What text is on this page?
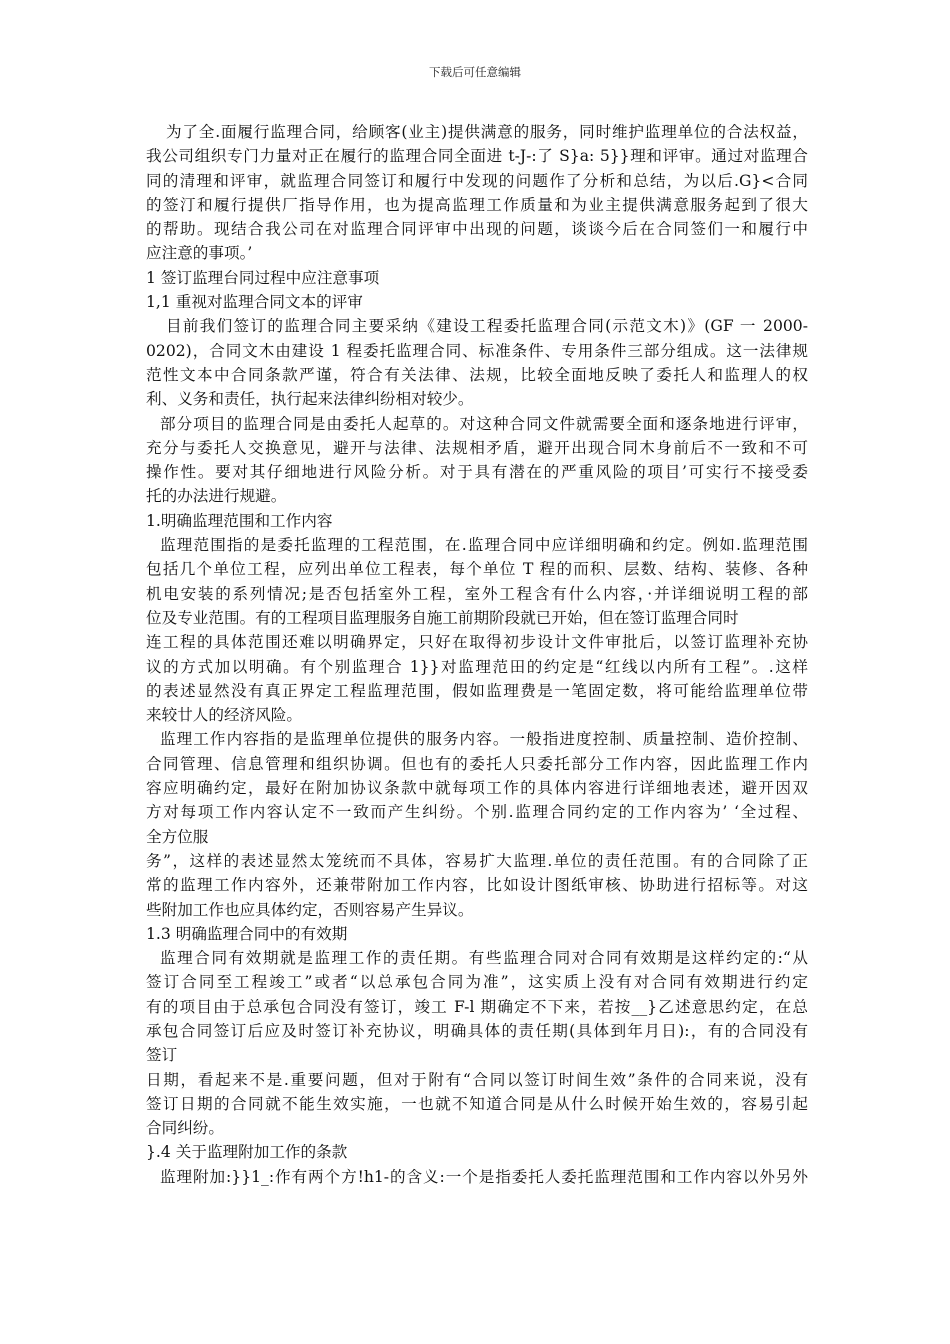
下载后可任意编辑

为了全.面履行监理合同，给顾客(业主)提供满意的服务，同时维护监理单位的合法权益，
我公司组织专门力量对正在履行的监理合同全面进 t-J-:了 S}a: 5}}理和评审。通过对监理合
同的清理和评审，就监理合同签订和履行中发现的问题作了分析和总结，为以后.G}<合同
的签汀和履行提供厂指导作用，也为提高监理工作质量和为业主提供满意服务起到了很大
的帮助。现结合我公司在对监理合同评审中出现的问题，谈谈今后在合同签们一和履行中
应注意的事项。’

1 签订监理台同过程中应注意事项
1,1 重视对监理合同文本的评审

目前我们签订的监理合同主要采纳《建设工程委托监理合同(示范文木)》(GF 一 2000-
0202)，合同文木由建设 1 程委托监理合同、标准条件、专用条件三部分组成。这一法律规
范性文本中合同条款严谨，符合有关法律、法规，比较全面地反映了委托人和监理人的权
利、义务和责任，执行起来法律纠纷相对较少。

部分项目的监理合同是由委托人起草的。对这种合同文件就需要全面和逐条地进行评审，
充分与委托人交换意见，避开与法律、法规相矛盾，避开出现合同木身前后不一致和不可
操作性。要对其仔细地进行风险分析。对于具有潜在的严重风险的项目’可实行不接受委
托的办法进行规避。

1.明确监理范围和工作内容

监理范围指的是委托监理的工程范围，在.监理合同中应详细明确和约定。例如.监理范围
包括几个单位工程，应列出单位工程表，每个单位 T 程的而积、层数、结构、装修、各种
机电安装的系列情况;是否包括室外工程，室外工程含有什么内容，·并详细说明工程的部
位及专业范围。有的工程项目监理服务自施工前期阶段就已开始，但在签订监理合同时
连工程的具体范围还难以明确界定，只好在取得初步设计文件审批后，以签订监理补充协
议的方式加以明确。有个别监理合 1}}对监理范田的约定是“红线以内所有工程”。.这样
的表述显然没有真正界定工程监理范围，假如监理费是一笔固定数，将可能给监理单位带
来较廿人的经济风险。

监理工作内容指的是监理单位提供的服务内容。一般指进度控制、质量控制、造价控制、
合同管理、信息管理和组织协调。但也有的委托人只委托部分工作内容，因此监理工作内
容应明确约定，最好在附加协议条款中就每项工作的具体内容进行详细地表述，避开因双
方对每项工作内容认定不一致而产生纠纷。个别.监理合同约定的工作内容为’ ‘全过程、
全方位服
务”，这样的表述显然太笼统而不具体，容易扩大监理.单位的责任范围。有的合同除了正
常的监理工作内容外，还兼带附加工作内容，比如设计图纸审核、协助进行招标等。对这
些附加工作也应具体约定，否则容易产生异议。

1.3 明确监理合同中的有效期

监理合同有效期就是监理工作的责任期。有些监理合同对合同有效期是这样约定的:“从
签订合同至工程竣工”或者“以总承包合同为准”，这实质上没有对合同有效期进行约定
有的项目由于总承包合同没有签订，竣工 F-l 期确定不下来，若按__}乙述意思约定，在总
承包合同签订后应及时签订补充协议，明确具体的责任期(具体到年月日):，有的合同没有
签订
日期，看起来不是.重要问题，但对于附有“合同以签订时间生效”条件的合同来说，没有
签订日期的合同就不能生效实施，一也就不知道合同是从什么时候开始生效的，容易引起
合同纠纷。

}.4 关于监理附加工作的条款

监理附加:}}1_:作有两个方!h1-的含义:一个是指委托人委托监理范围和工作内容以外另外
